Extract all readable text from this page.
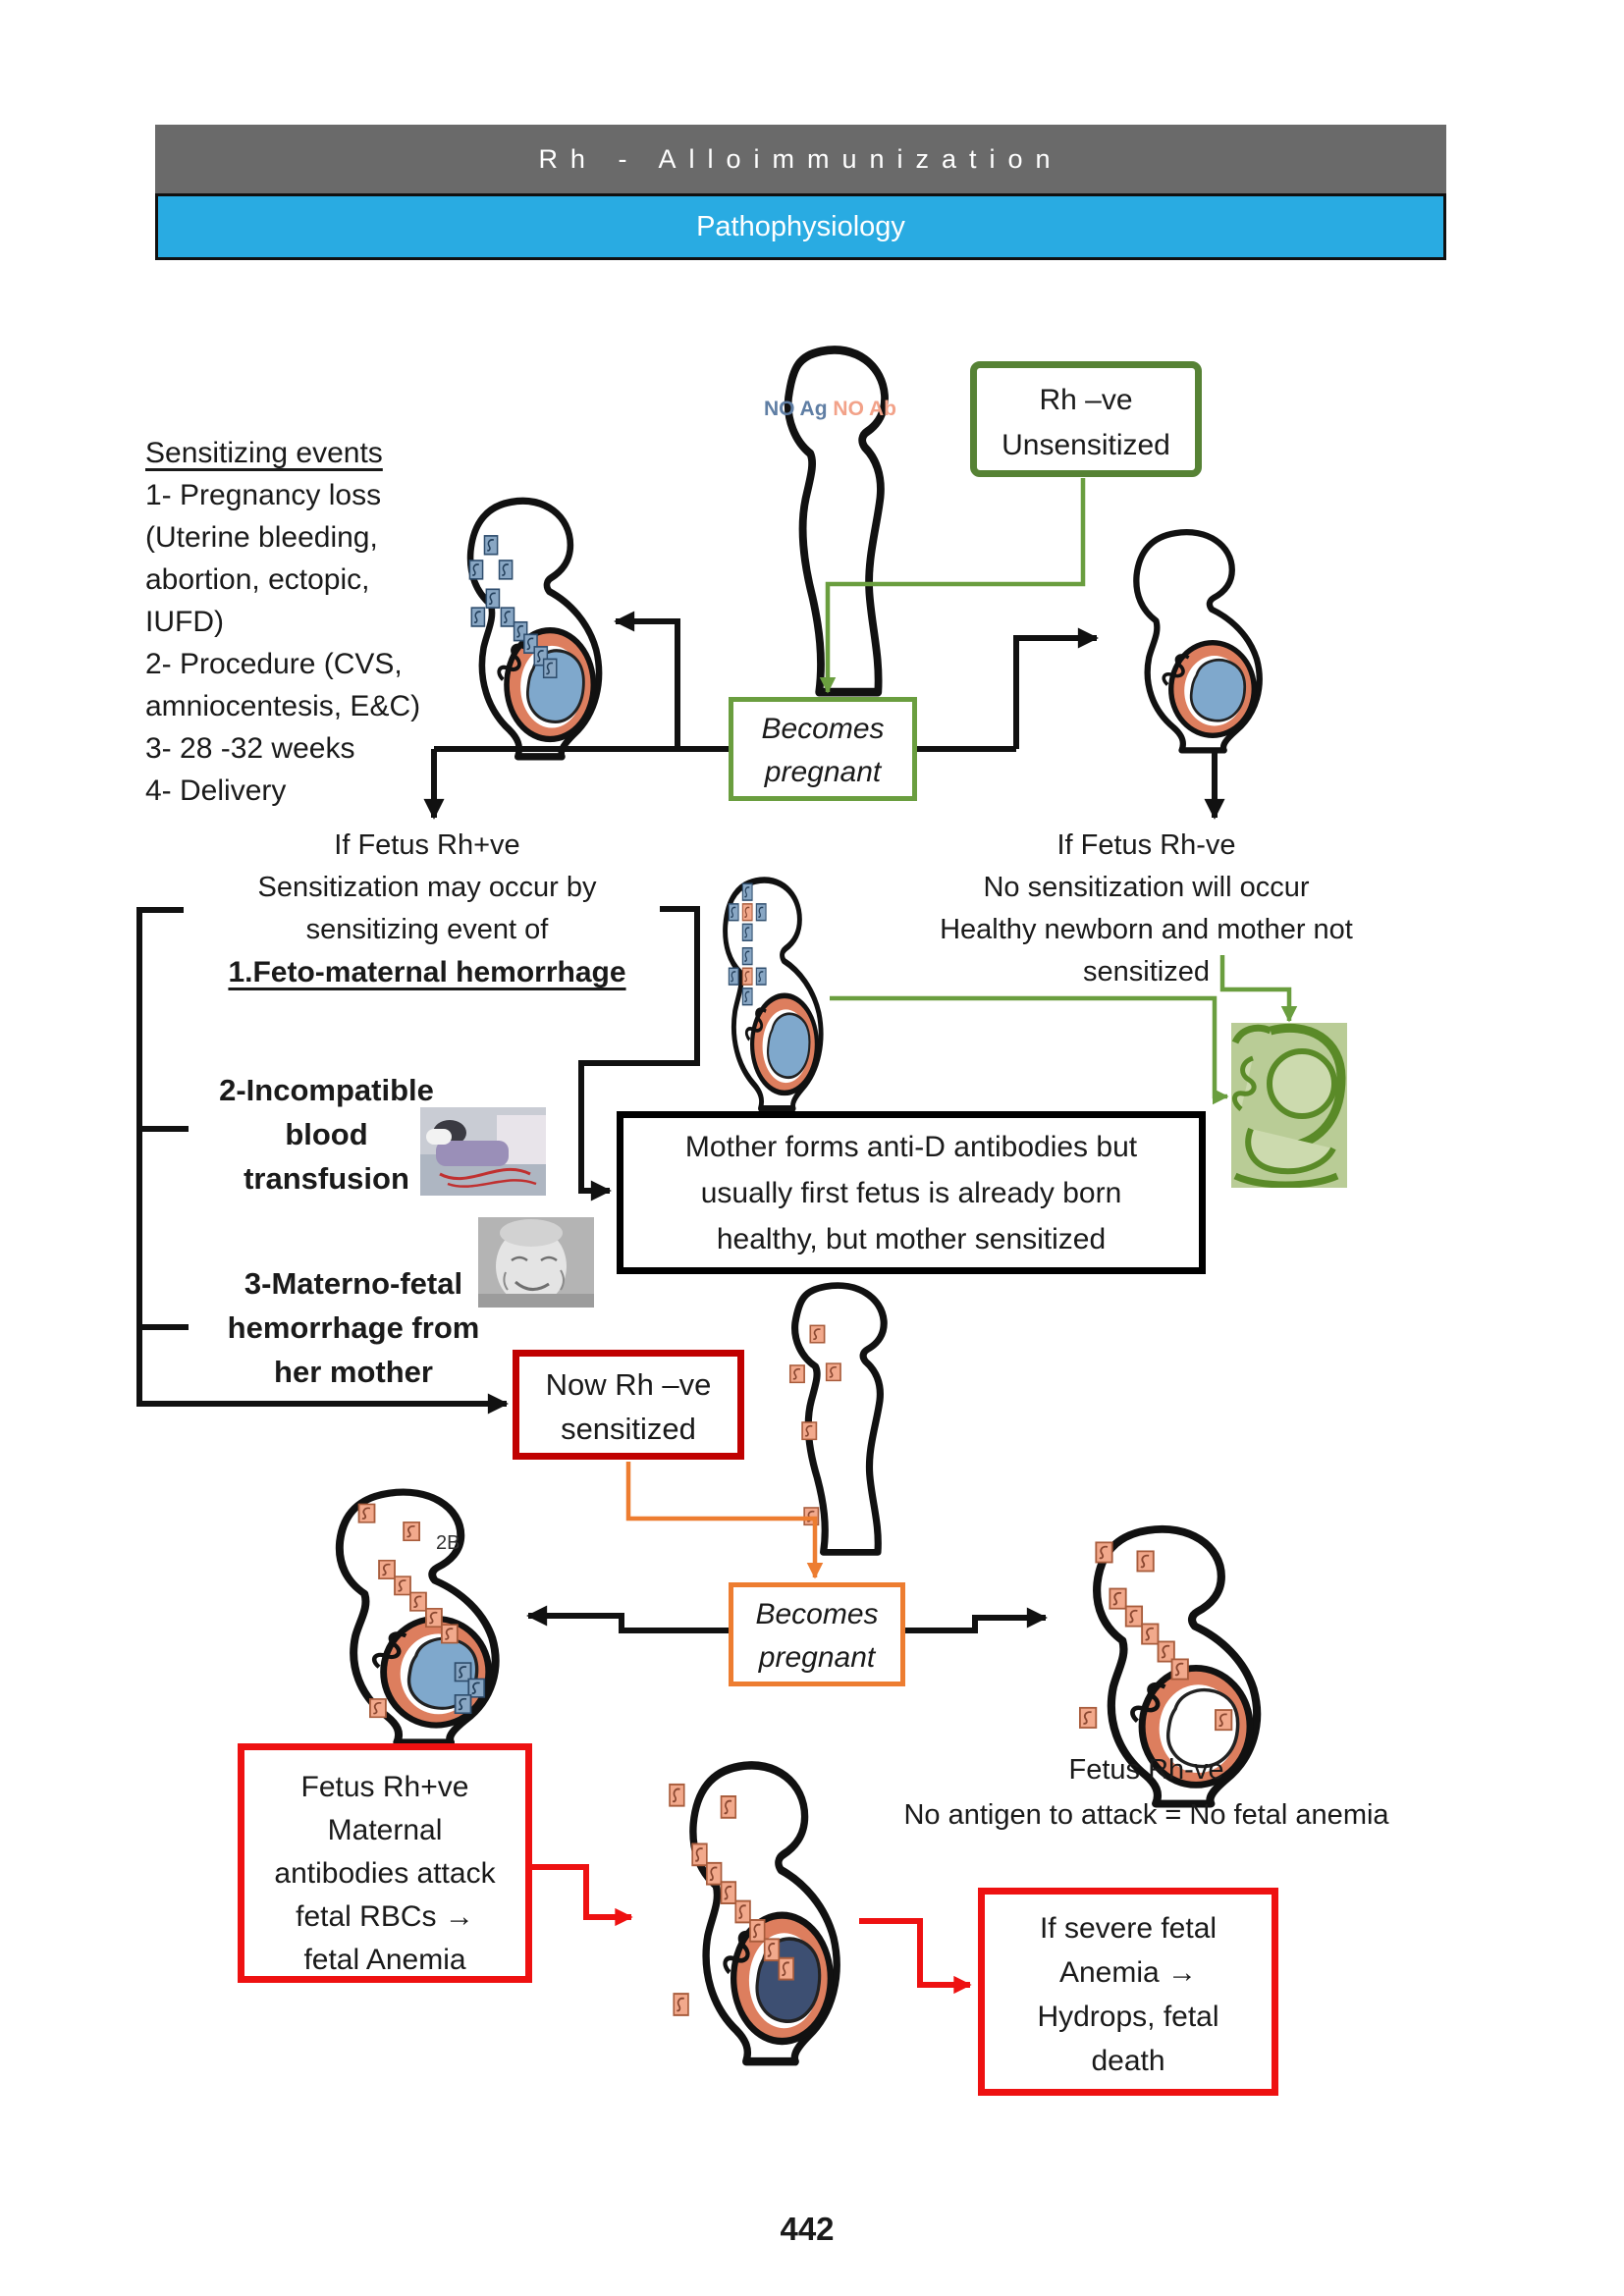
Rh - Alloimmunization
Pathophysiology
Sensitizing events
1- Pregnancy loss
(Uterine bleeding,
abortion, ectopic,
IUFD)
2- Procedure (CVS,
amniocentesis, E&C)
3- 28 -32 weeks
4- Delivery
NO Ag NO Ab
2B
Rh –ve
Unsensitized
Becomes
pregnant
Mother forms anti-D antibodies but
usually first fetus is already born
healthy, but mother sensitized
Now Rh –ve
sensitized
Becomes
pregnant
Fetus Rh+ve
Maternal
antibodies attack
fetal RBCs →
fetal Anemia
If severe fetal
Anemia →
Hydrops, fetal
death
If Fetus Rh+ve
Sensitization may occur by
sensitizing event of
1.Feto-maternal hemorrhage
If Fetus Rh-ve
No sensitization will occur
Healthy newborn and mother not sensitized
Fetus Rh-ve
No antigen to attack = No fetal anemia
2-Incompatible
blood
transfusion
3-Materno-fetal
hemorrhage from
her mother
442
